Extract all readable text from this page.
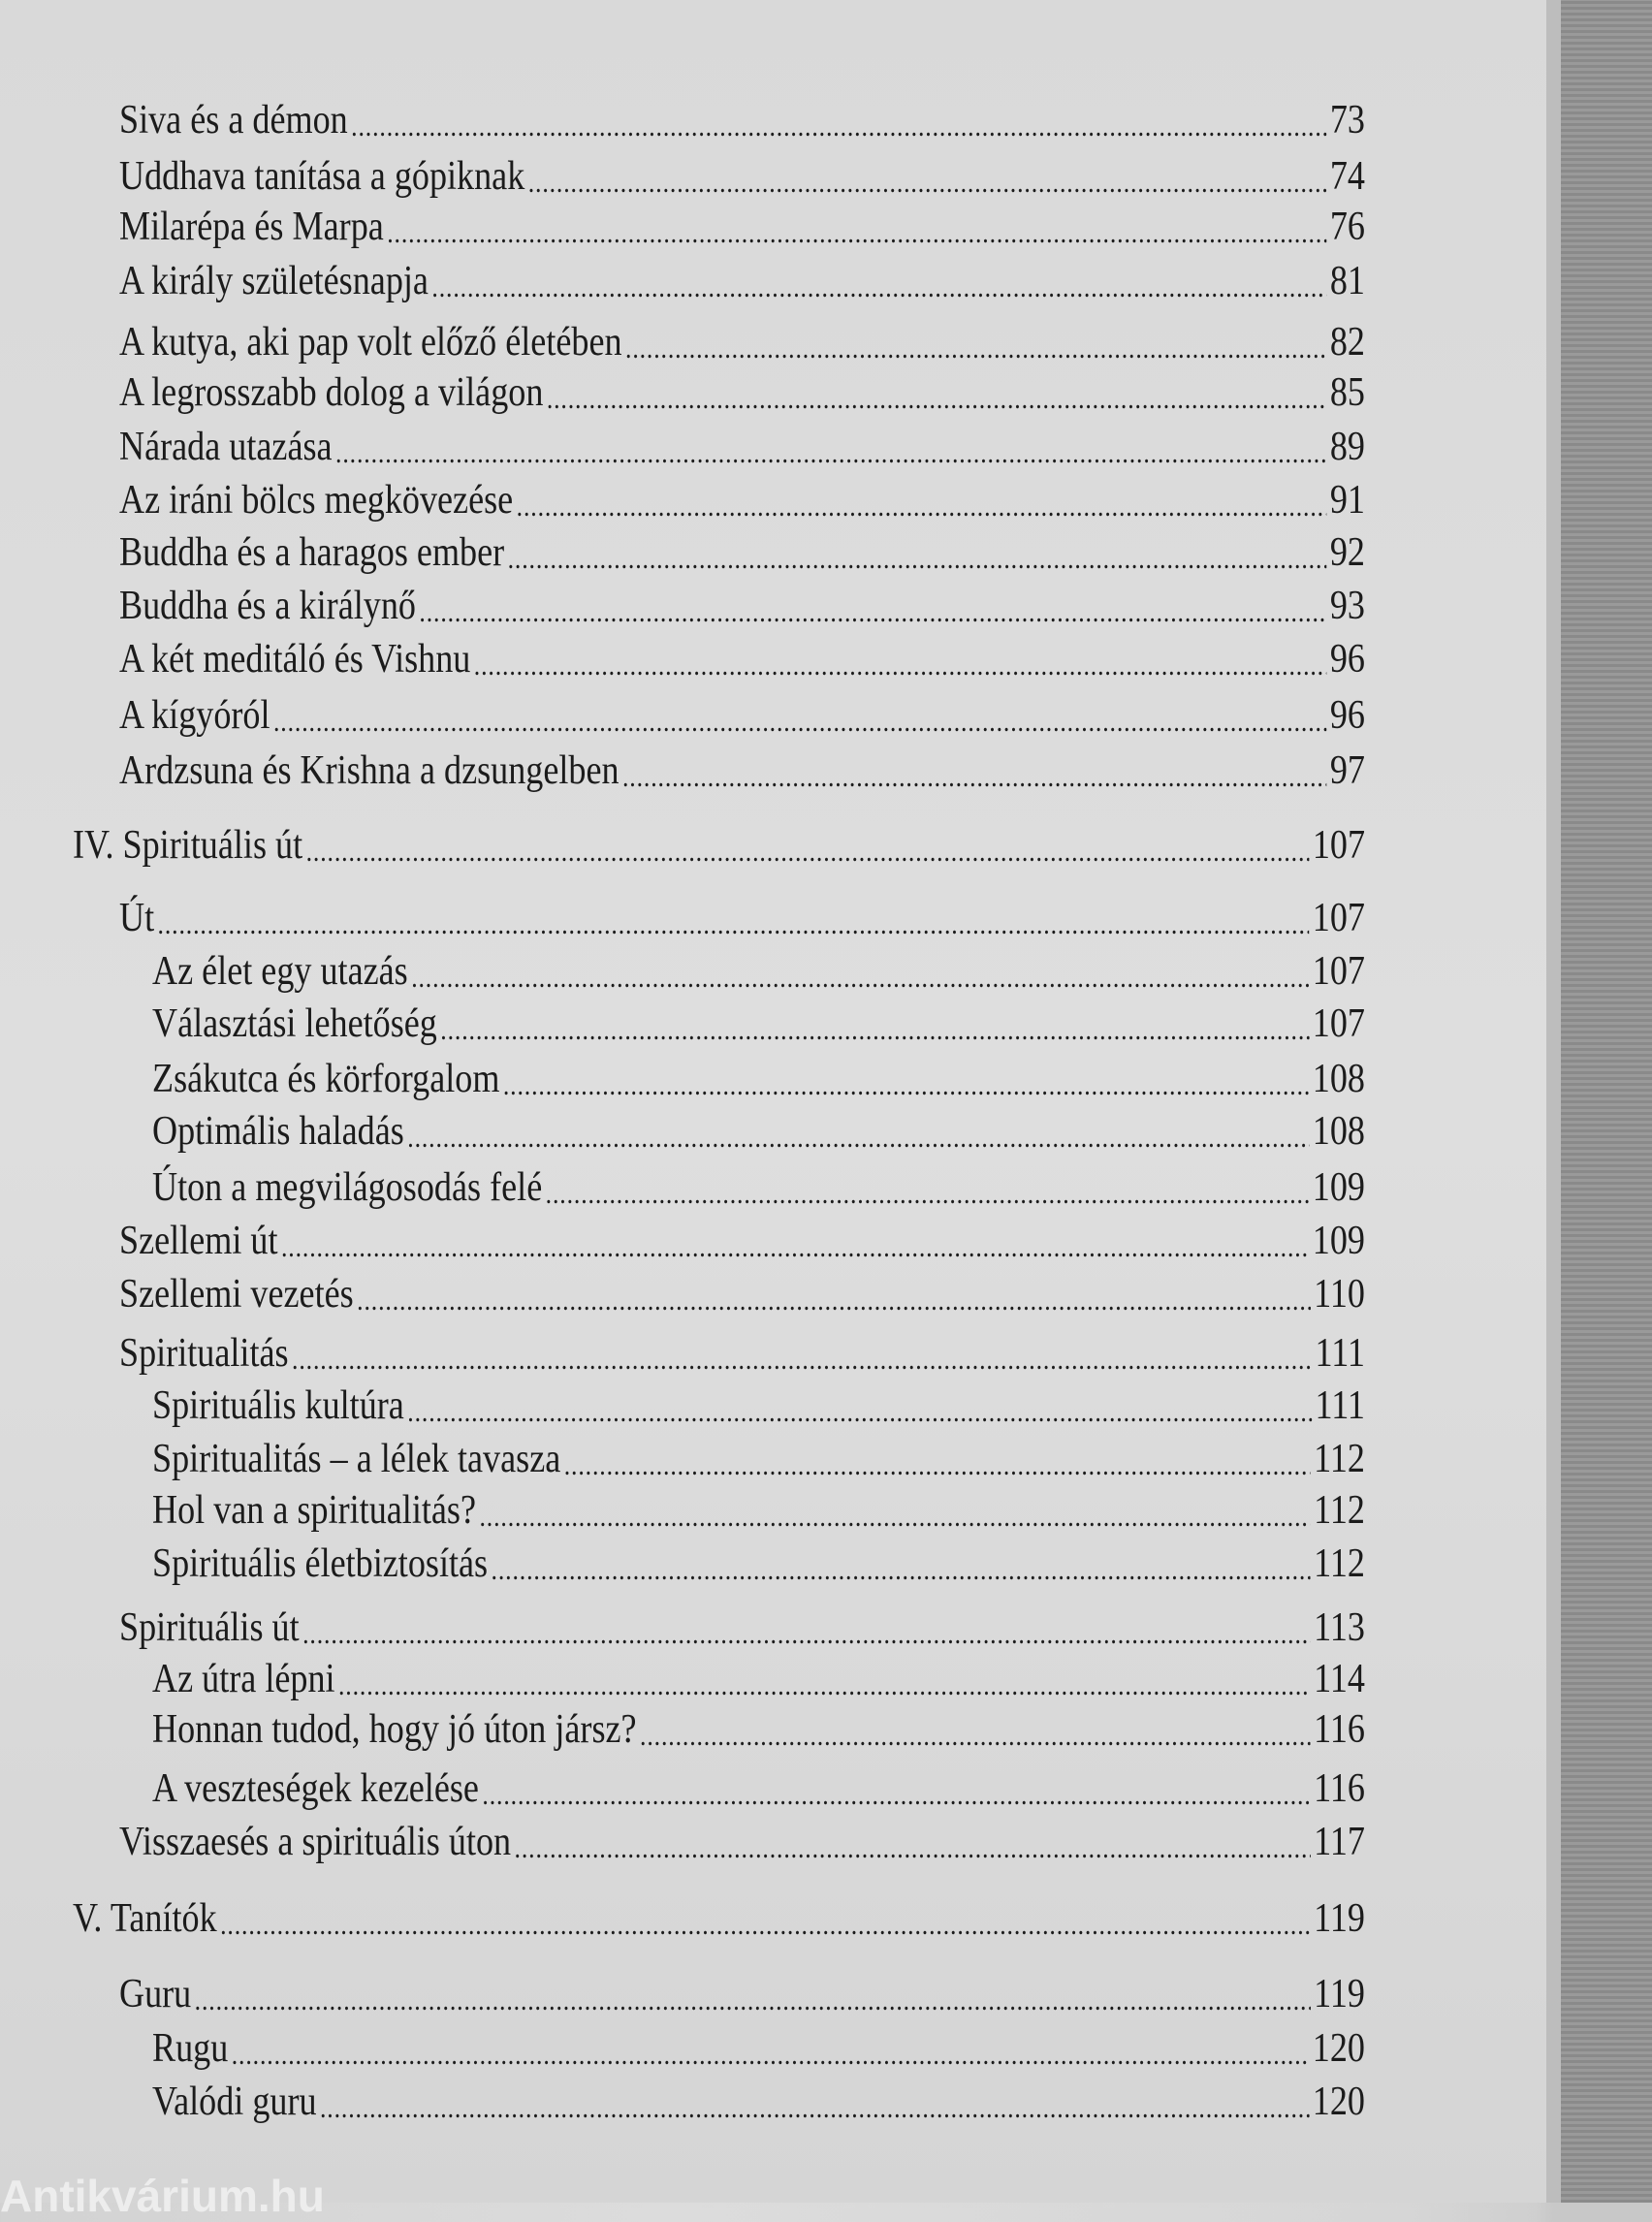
Siva és a démon .....	73
Uddhava tanítása a gópiknak .....	74
Milarépa és Marpa .....	76
A király születésnapja .....	81
A kutya, aki pap volt előző életében .....	82
A legrosszabb dolog a világon .....	85
Nárada utazása .....	89
Az iráni bölcs megkövezése .....	91
Buddha és a haragos ember .....	92
Buddha és a királynő .....	93
A két meditáló és Vishnu .....	96
A kígyóról .....	96
Ardzsuna és Krishna a dzsungelben .....	97
IV. Spirituális út .....	107
Út .....	107
Az élet egy utazás .....	107
Választási lehetőség .....	107
Zsákutca és körforgalom .....	108
Optimális haladás .....	108
Úton a megvilágosodás felé .....	109
Szellemi út .....	109
Szellemi vezetés .....	110
Spiritualitás .....	111
Spirituális kultúra .....	111
Spiritualitás – a lélek tavasza .....	112
Hol van a spiritualitás? .....	112
Spirituális életbiztosítás .....	112
Spirituális út .....	113
Az útra lépni .....	114
Honnan tudod, hogy jó úton jársz? .....	116
A veszteségek kezelése .....	116
Visszaesés a spirituális úton .....	117
V. Tanítók .....	119
Guru .....	119
Rugu .....	120
Valódi guru .....	120
Antikvárium.hu
